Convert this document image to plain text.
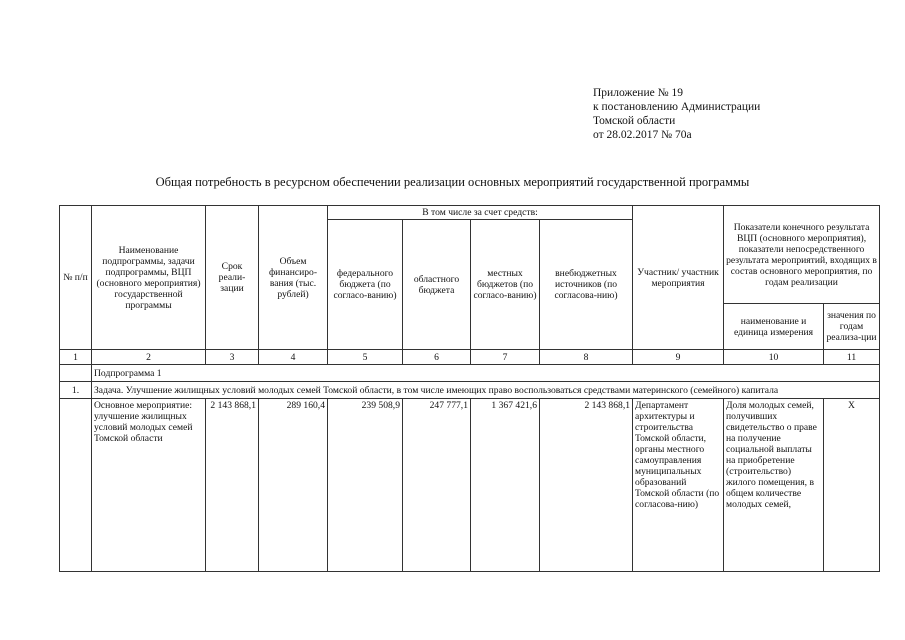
Приложение № 19
к постановлению Администрации
Томской области
от 28.02.2017 № 70а
Общая потребность в ресурсном обеспечении реализации основных мероприятий государственной программы
№ п/п	Наименование подпрограммы, задачи подпрограммы, ВЦП (основного мероприятия) государственной программы	Срок реали-зации	Объем финансиро-вания (тыс. рублей)	В том числе за счет средств:				Участник/ участник мероприятия	Показатели конечного результата ВЦП (основного мероприятия), показатели непосредственного результата мероприятий, входящих в состав основного мероприятия, по годам реализации	
				федерального бюджета (по согласо-ванию)	областного бюджета	местных бюджетов (по согласо-ванию)	внебюджетных источников (по согласова-нию)			
									наименование и единица измерения	значения по годам реализа-ции
1	2	3	4	5	6	7	8	9	10	11
	Подпрограмма 1									
1.	Задача. Улучшение жилищных условий молодых семей Томской области, в том числе имеющих право воспользоваться средствами материнского (семейного) капитала									
	Основное мероприятие: улучшение жилищных условий молодых семей Томской области	2 143 868,1	289 160,4	239 508,9	247 777,1	1 367 421,6	2 143 868,1	Департамент архитектуры и строительства Томской области, органы местного самоуправления муниципальных образований Томской области (по согласова-нию)	Доля молодых семей, получивших свидетельство о праве на получение социальной выплаты на приобретение (строительство) жилого помещения, в общем количестве молодых семей,	Х
